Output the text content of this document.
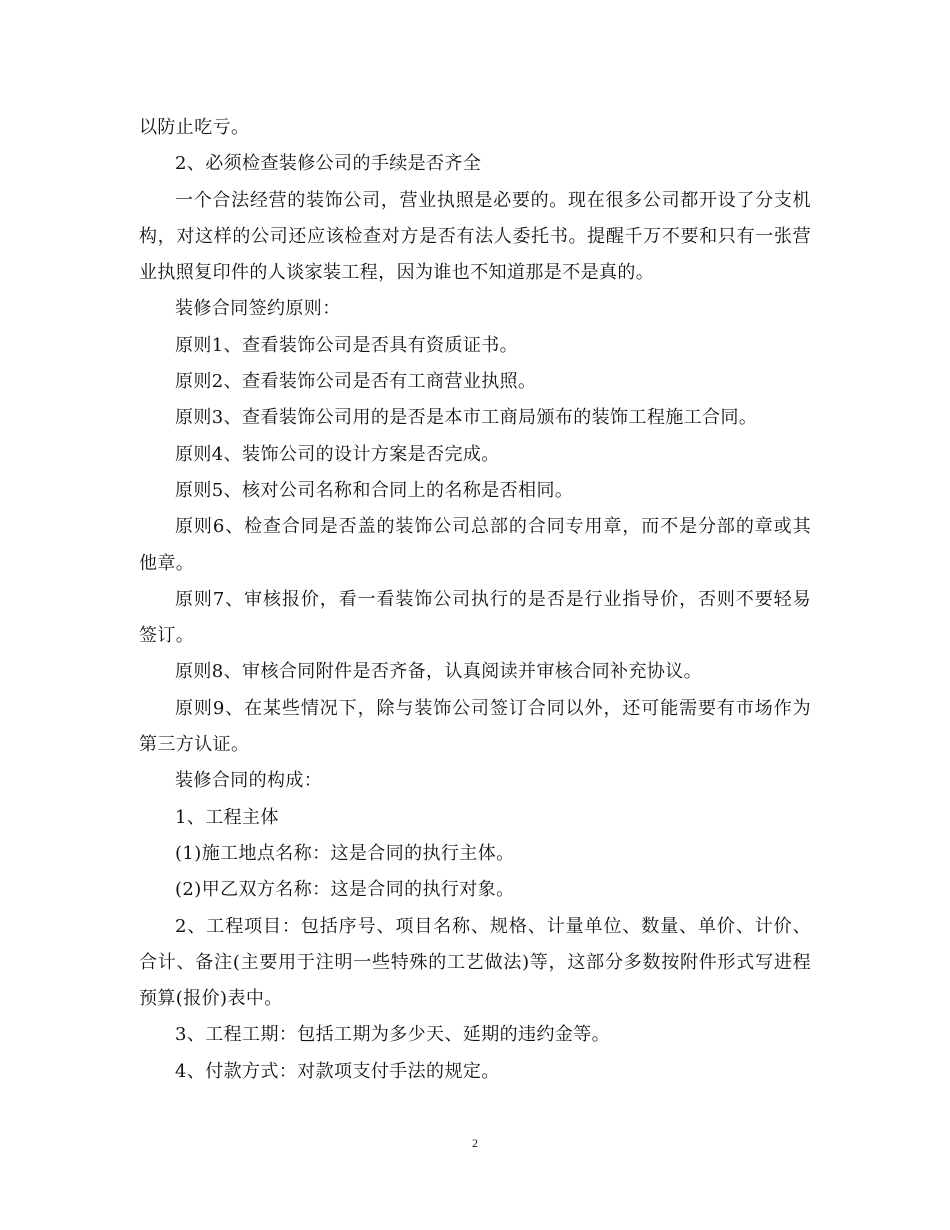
以防止吃亏。

2、必须检查装修公司的手续是否齐全

一个合法经营的装饰公司，营业执照是必要的。现在很多公司都开设了分支机构，对这样的公司还应该检查对方是否有法人委托书。提醒千万不要和只有一张营业执照复印件的人谈家装工程，因为谁也不知道那是不是真的。

装修合同签约原则：

原则1、查看装饰公司是否具有资质证书。

原则2、查看装饰公司是否有工商营业执照。

原则3、查看装饰公司用的是否是本市工商局颁布的装饰工程施工合同。

原则4、装饰公司的设计方案是否完成。

原则5、核对公司名称和合同上的名称是否相同。

原则6、检查合同是否盖的装饰公司总部的合同专用章，而不是分部的章或其他章。

原则7、审核报价，看一看装饰公司执行的是否是行业指导价，否则不要轻易签订。

原则8、审核合同附件是否齐备，认真阅读并审核合同补充协议。

原则9、在某些情况下，除与装饰公司签订合同以外，还可能需要有市场作为第三方认证。

装修合同的构成：

1、工程主体

(1)施工地点名称：这是合同的执行主体。

(2)甲乙双方名称：这是合同的执行对象。

2、工程项目：包括序号、项目名称、规格、计量单位、数量、单价、计价、合计、备注(主要用于注明一些特殊的工艺做法)等，这部分多数按附件形式写进程预算(报价)表中。

3、工程工期：包括工期为多少天、延期的违约金等。

4、付款方式：对款项支付手法的规定。

2
